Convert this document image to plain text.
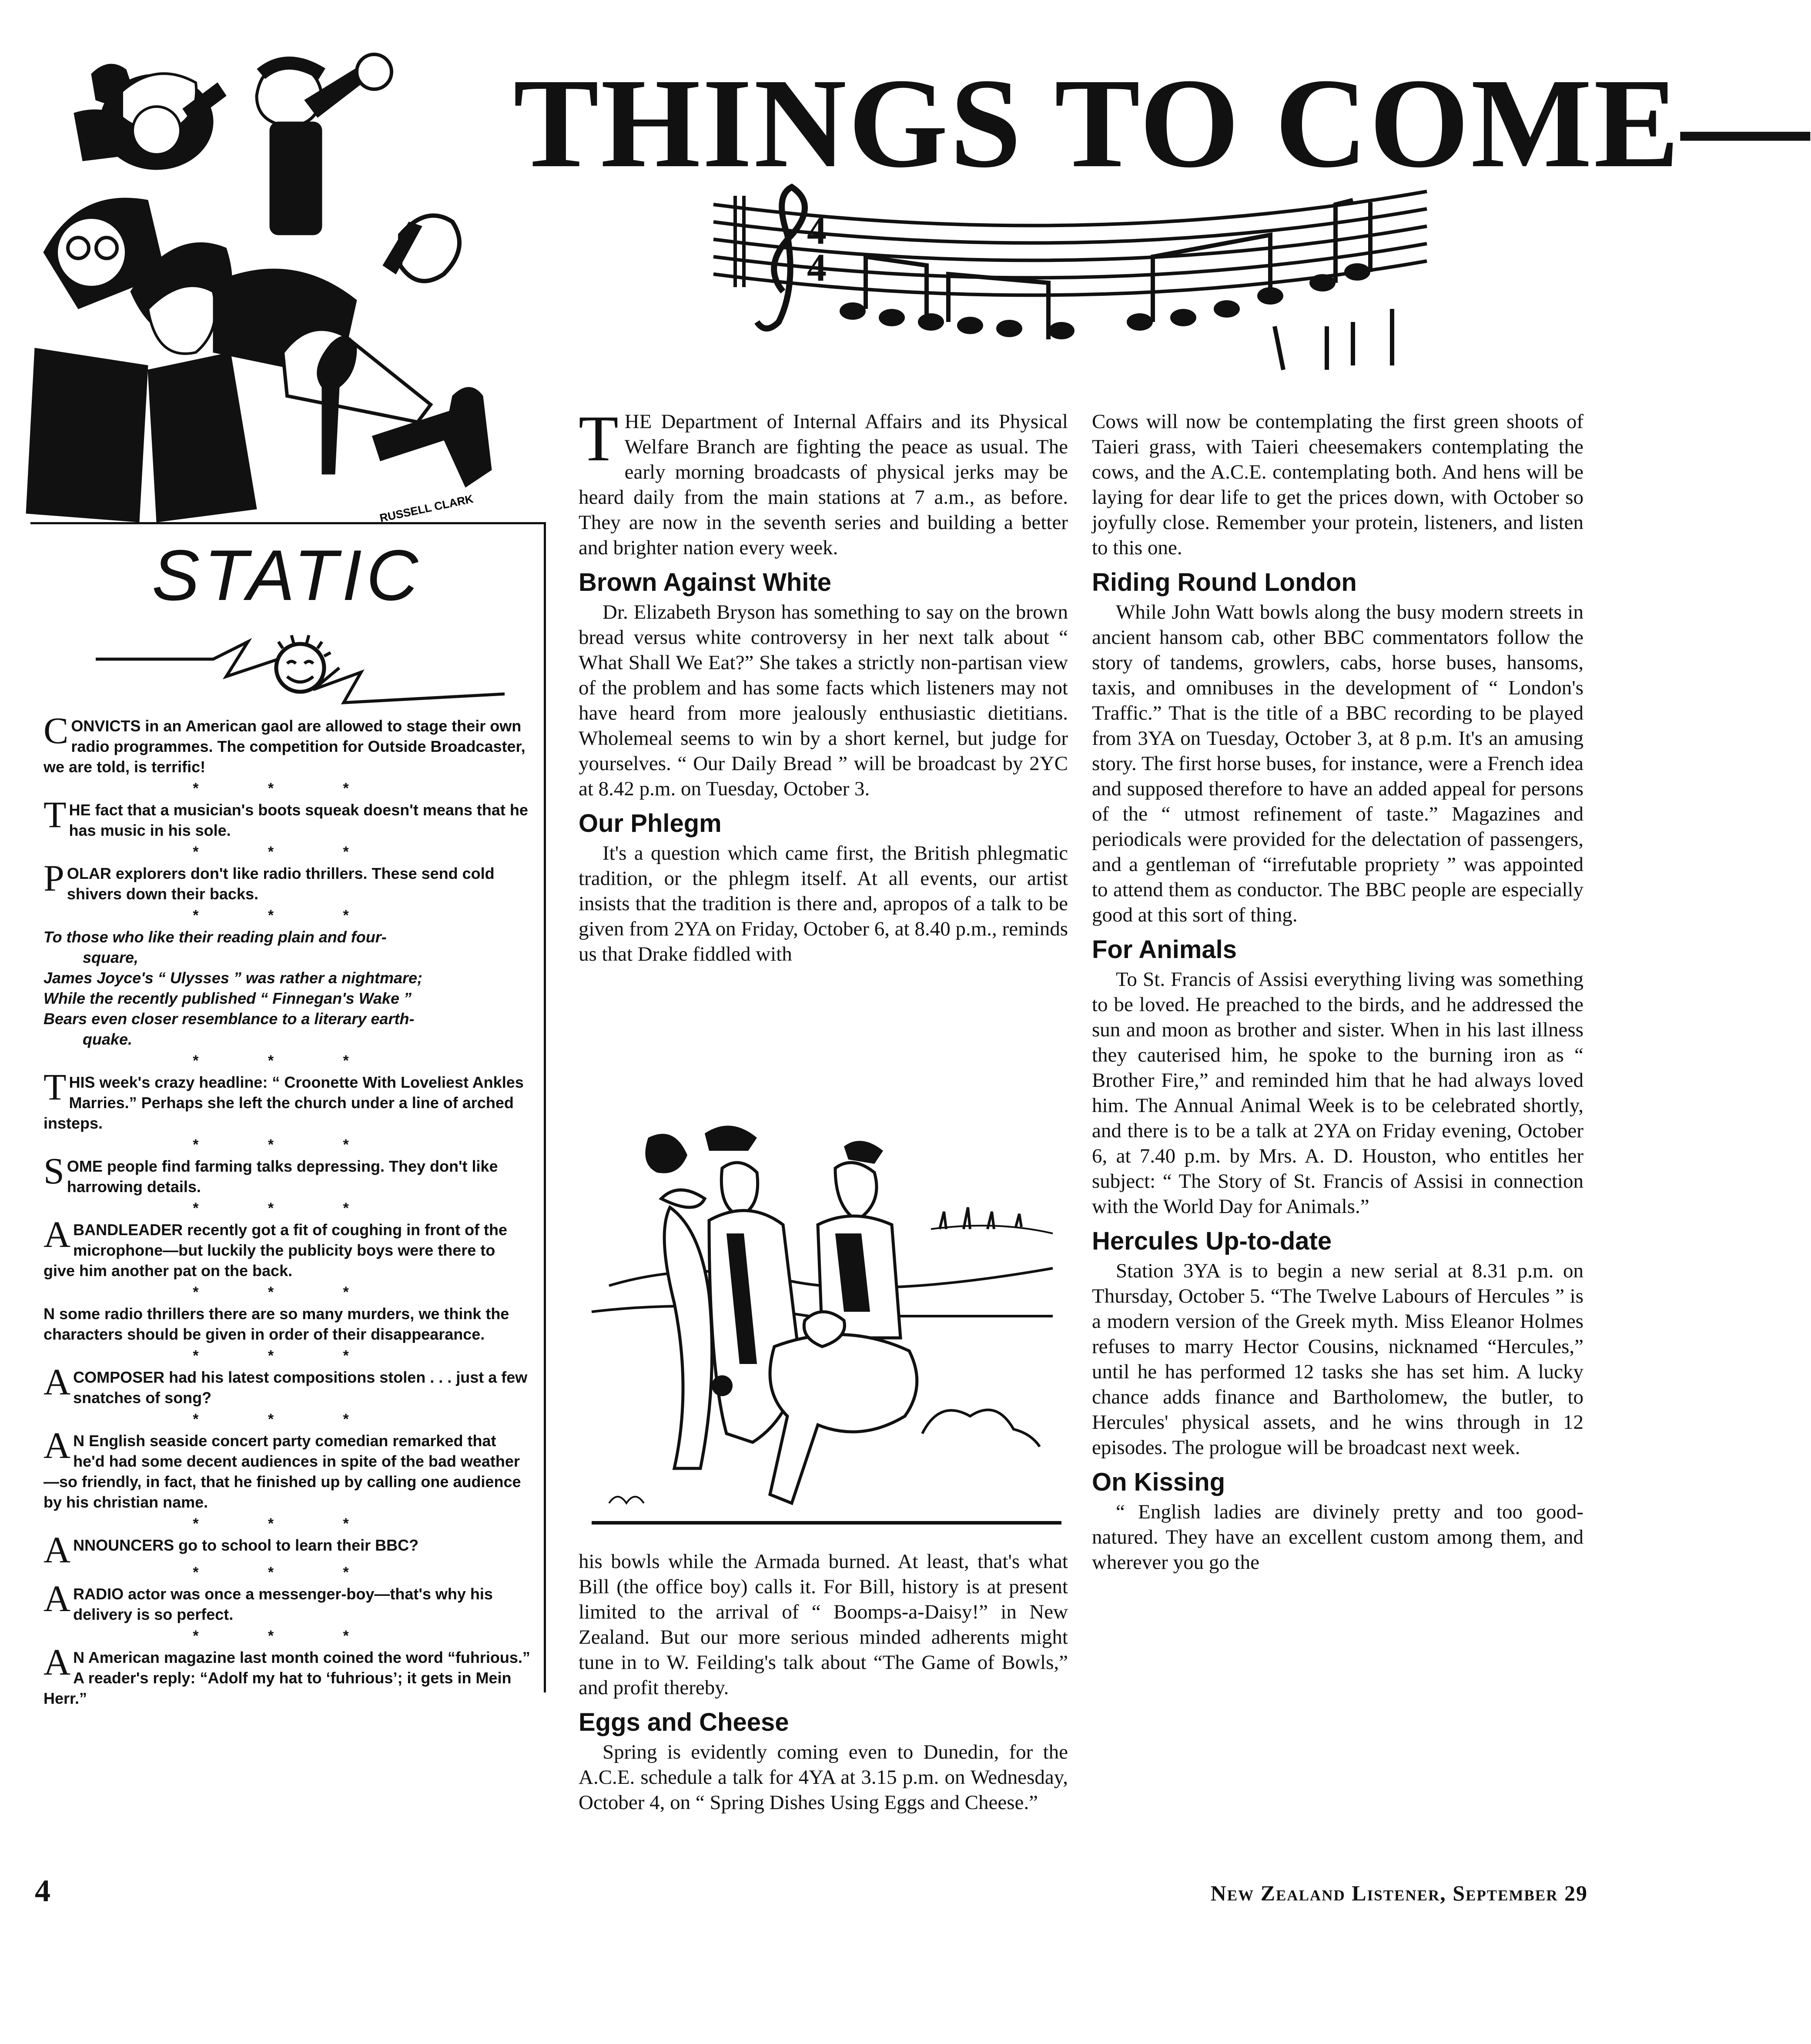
THINGS TO COME—
RUSSELL CLARK
4
4
STATIC
CONVICTS in an American gaol are allowed to stage their own radio programmes. The competition for Outside Broadcaster, we are told, is terrific!
* * *
THE fact that a musician's boots squeak doesn't means that he has music in his sole.
* * *
POLAR explorers don't like radio thrillers. These send cold shivers down their backs.
* * *
To those who like their reading plain and four-
square,
James Joyce's “ Ulysses ” was rather a nightmare;
While the recently published “ Finnegan's Wake ”
Bears even closer resemblance to a literary earth-
quake.
* * *
THIS week's crazy headline: “ Croonette With Loveliest Ankles Marries.” Perhaps she left the church under a line of arched insteps.
* * *
SOME people find farming talks depressing. They don't like harrowing details.
* * *
A BANDLEADER recently got a fit of coughing in front of the microphone—but luckily the publicity boys were there to give him another pat on the back.
* * *
N some radio thrillers there are so many murders, we think the characters should be given in order of their disappearance.
* * *
A COMPOSER had his latest compositions stolen . . . just a few snatches of song?
* * *
A N English seaside concert party comedian remarked that he'd had some decent audiences in spite of the bad weather—so friendly, in fact, that he finished up by calling one audience by his christian name.
* * *
ANNOUNCERS go to school to learn their BBC?
* * *
A RADIO actor was once a messenger-boy—that's why his delivery is so perfect.
* * *
A N American magazine last month coined the word “fuhrious.” A reader's reply: “Adolf my hat to ‘fuhrious’; it gets in Mein Herr.”

THE Department of Internal Affairs and its Physical Welfare Branch are fighting the peace as usual. The early morning broadcasts of physical jerks may be heard daily from the main stations at 7 a.m., as before. They are now in the seventh series and building a better and brighter nation every week.

Brown Against White

Dr. Elizabeth Bryson has something to say on the brown bread versus white controversy in her next talk about “ What Shall We Eat?” She takes a strictly non-partisan view of the problem and has some facts which listeners may not have heard from more jealously enthusiastic dietitians. Wholemeal seems to win by a short kernel, but judge for yourselves. “ Our Daily Bread ” will be broadcast by 2YC at 8.42 p.m. on Tuesday, October 3.

Our Phlegm

It's a question which came first, the British phlegmatic tradition, or the phlegm itself. At all events, our artist insists that the tradition is there and, apropos of a talk to be given from 2YA on Friday, October 6, at 8.40 p.m., reminds us that Drake fiddled with

his bowls while the Armada burned. At least, that's what Bill (the office boy) calls it. For Bill, history is at present limited to the arrival of “ Boomps-a-Daisy!” in New Zealand. But our more serious minded adherents might tune in to W. Feilding's talk about “The Game of Bowls,” and profit thereby.

Eggs and Cheese

Spring is evidently coming even to Dunedin, for the A.C.E. schedule a talk for 4YA at 3.15 p.m. on Wednesday, October 4, on “ Spring Dishes Using Eggs and Cheese.”

Cows will now be contemplating the first green shoots of Taieri grass, with Taieri cheesemakers contemplating the cows, and the A.C.E. contemplating both. And hens will be laying for dear life to get the prices down, with October so joyfully close. Remember your protein, listeners, and listen to this one.

Riding Round London

While John Watt bowls along the busy modern streets in ancient hansom cab, other BBC commentators follow the story of tandems, growlers, cabs, horse buses, hansoms, taxis, and omnibuses in the development of “ London's Traffic.” That is the title of a BBC recording to be played from 3YA on Tuesday, October 3, at 8 p.m. It's an amusing story. The first horse buses, for instance, were a French idea and supposed therefore to have an added appeal for persons of the “ utmost refinement of taste.” Magazines and periodicals were provided for the delectation of passengers, and a gentleman of “irrefutable propriety ” was appointed to attend them as conductor. The BBC people are especially good at this sort of thing.

For Animals

To St. Francis of Assisi everything living was something to be loved. He preached to the birds, and he addressed the sun and moon as brother and sister. When in his last illness they cauterised him, he spoke to the burning iron as “ Brother Fire,” and reminded him that he had always loved him. The Annual Animal Week is to be celebrated shortly, and there is to be a talk at 2YA on Friday evening, October 6, at 7.40 p.m. by Mrs. A. D. Houston, who entitles her subject: “ The Story of St. Francis of Assisi in connection with the World Day for Animals.”

Hercules Up-to-date

Station 3YA is to begin a new serial at 8.31 p.m. on Thursday, October 5. “The Twelve Labours of Hercules ” is a modern version of the Greek myth. Miss Eleanor Holmes refuses to marry Hector Cousins, nicknamed “Hercules,” until he has performed 12 tasks she has set him. A lucky chance adds finance and Bartholomew, the butler, to Hercules' physical assets, and he wins through in 12 episodes. The prologue will be broadcast next week.

On Kissing

“ English ladies are divinely pretty and too good-natured. They have an excellent custom among them, and wherever you go the

4	New Zealand Listener, September 29
